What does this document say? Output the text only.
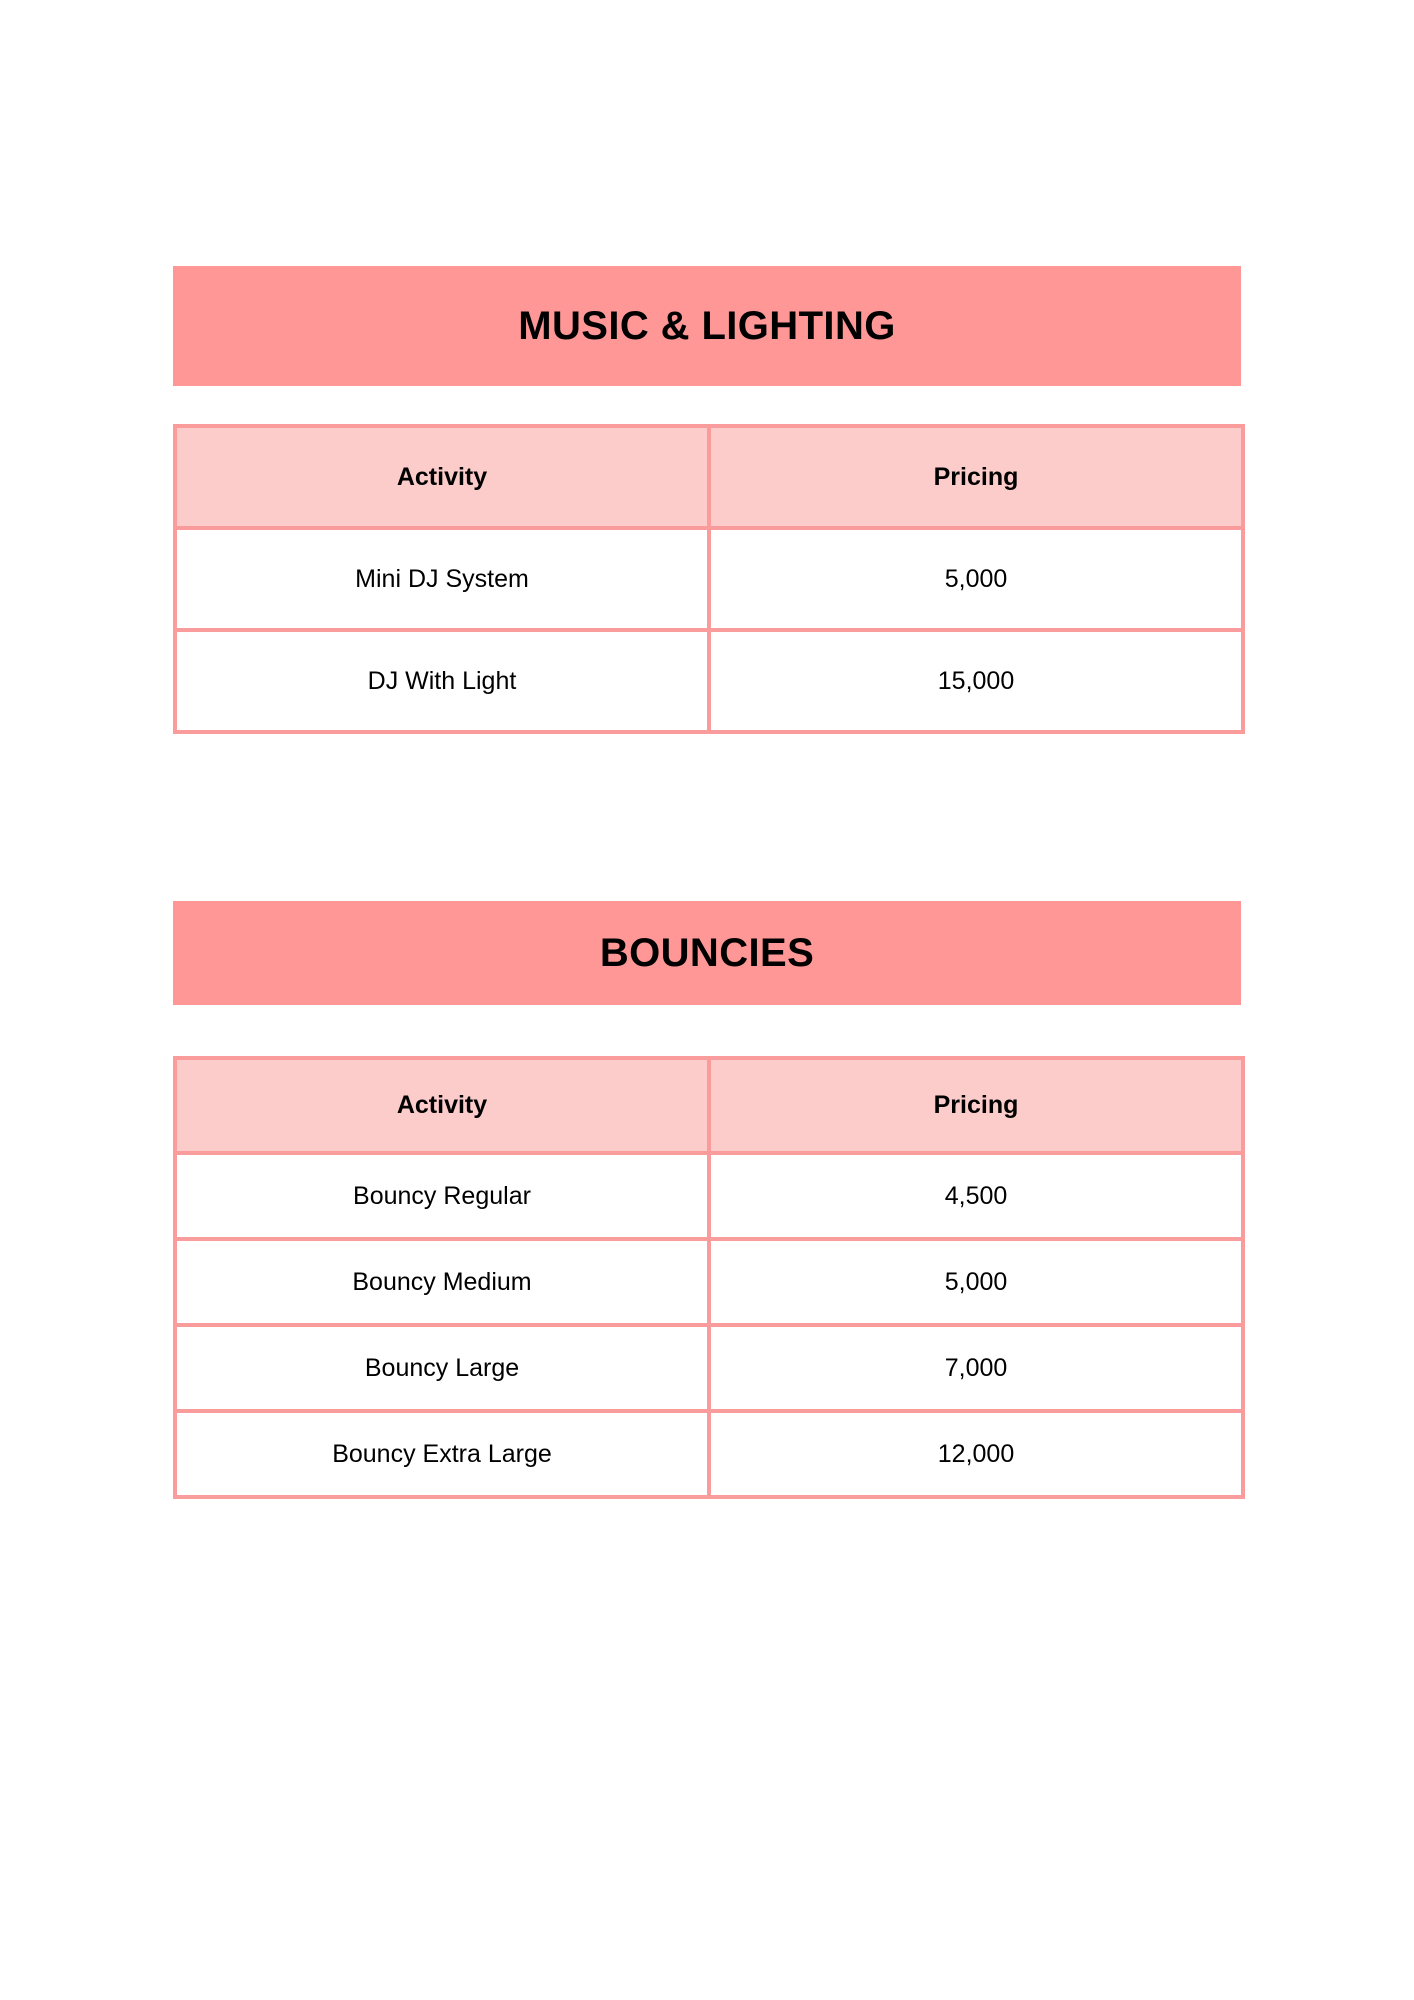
MUSIC & LIGHTING
Activity	Pricing
Mini DJ System	5,000
DJ With Light	15,000
BOUNCIES
Activity	Pricing
Bouncy Regular	4,500
Bouncy Medium	5,000
Bouncy Large	7,000
Bouncy Extra Large	12,000
